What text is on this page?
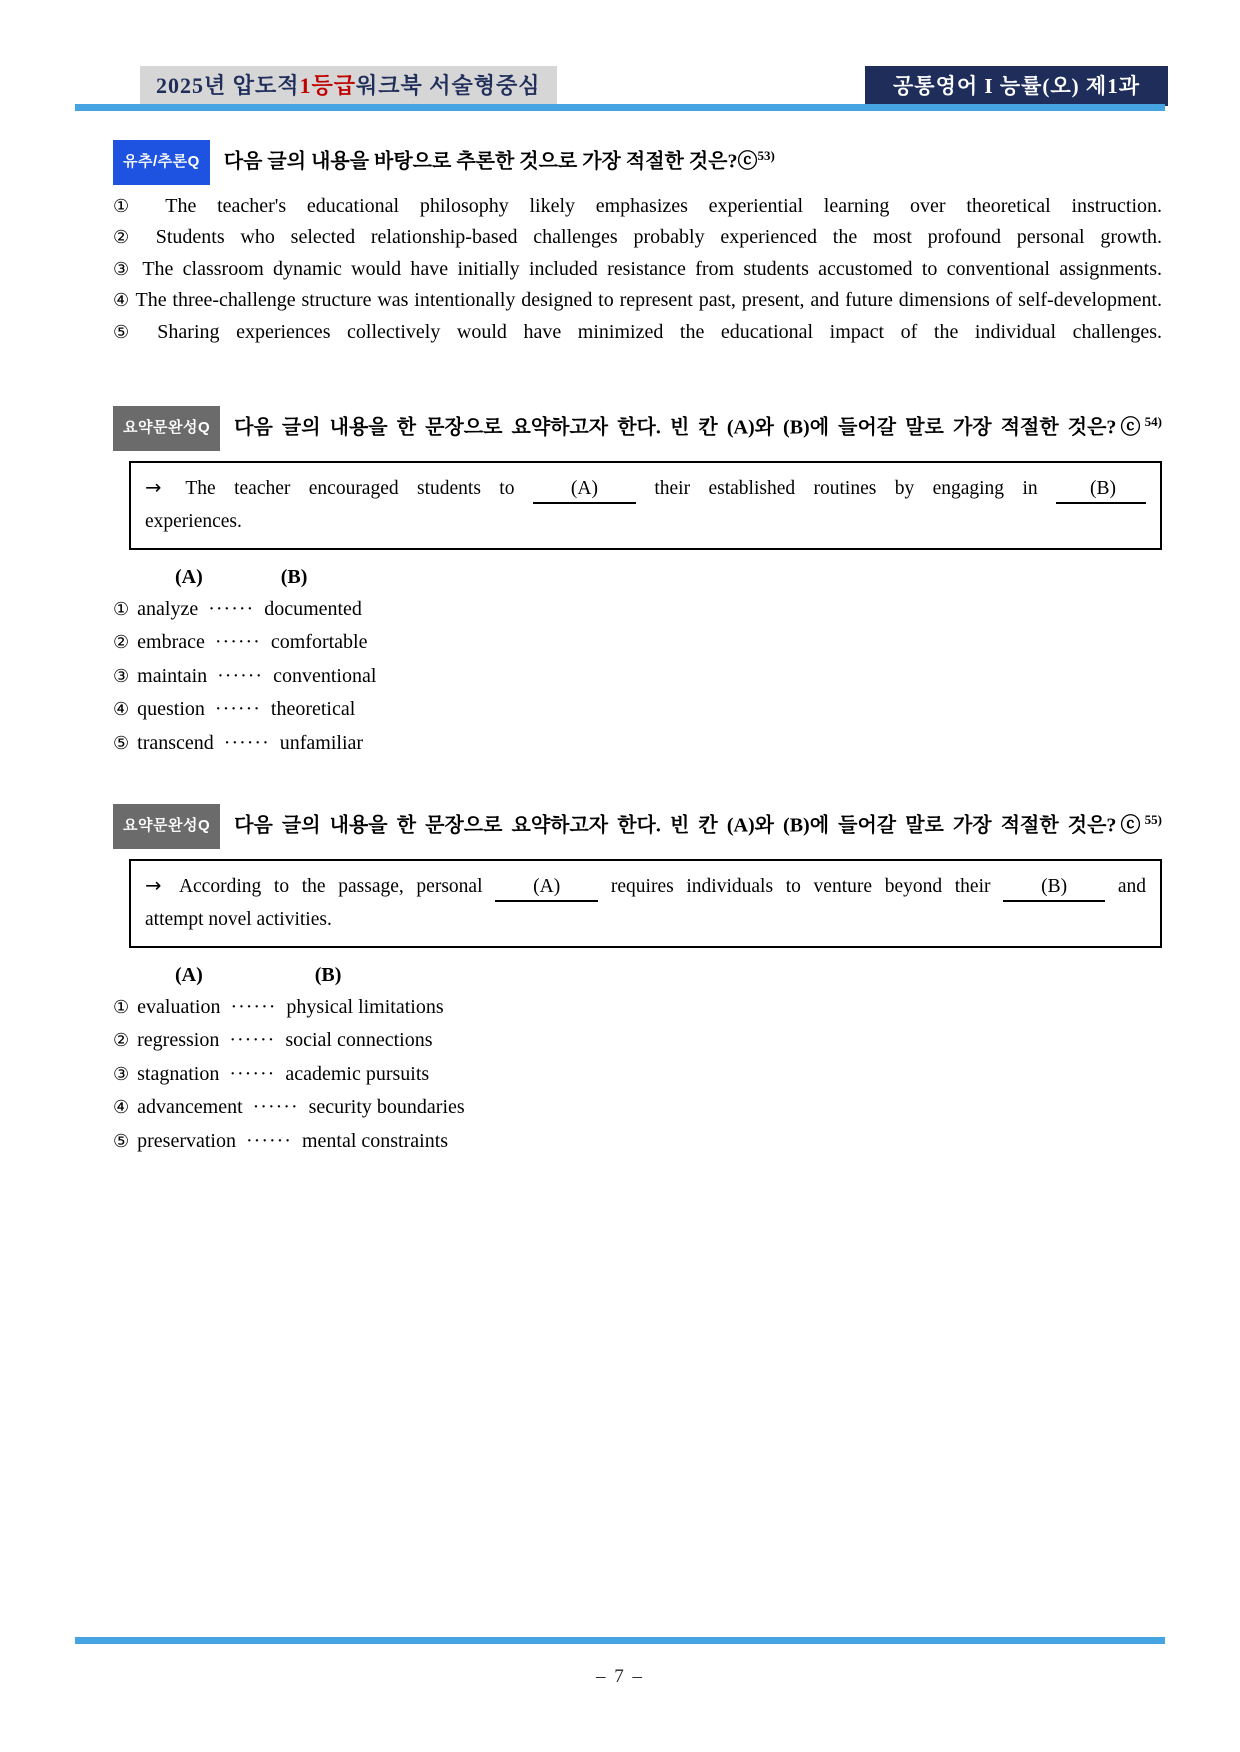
2025년 압도적1등급워크북 서술형중심	공통영어 I 능률(오) 제1과

유추/추론Q 다음 글의 내용을 바탕으로 추론한 것으로 가장 적절한 것은?ⓒ$^{53)}$

① The teacher's educational philosophy likely emphasizes experiential learning over theoretical instruction.

② Students who selected relationship-based challenges probably experienced the most profound personal growth.

③ The classroom dynamic would have initially included resistance from students accustomed to conventional assignments.

④ The three-challenge structure was intentionally designed to represent past, present, and future dimensions of self-development.

⑤ Sharing experiences collectively would have minimized the educational impact of the individual challenges.

요약문완성Q 다음 글의 내용을 한 문장으로 요약하고자 한다. 빈 칸 (A)와 (B)에 들어갈 말로 가장 적절한 것은?ⓒ$^{54)}$

→ The teacher encouraged students to	(A)	their established routines by engaging in	(B)
experiences.
(A)	(B)

① analyze ······ documented

② embrace ······ comfortable

③ maintain ······ conventional

④ question ······ theoretical

⑤ transcend ······ unfamiliar

요약문완성Q 다음 글의 내용을 한 문장으로 요약하고자 한다. 빈 칸 (A)와 (B)에 들어갈 말로 가장 적절한 것은?ⓒ$^{55)}$

→ According to the passage, personal	(A)	requires individuals to venture beyond their	(B)	and
attempt novel activities.
(A)	(B)

① evaluation ······ physical limitations

② regression ······ social connections

③ stagnation ······ academic pursuits

④ advancement ······ security boundaries

⑤ preservation ······ mental constraints

– 7 –
